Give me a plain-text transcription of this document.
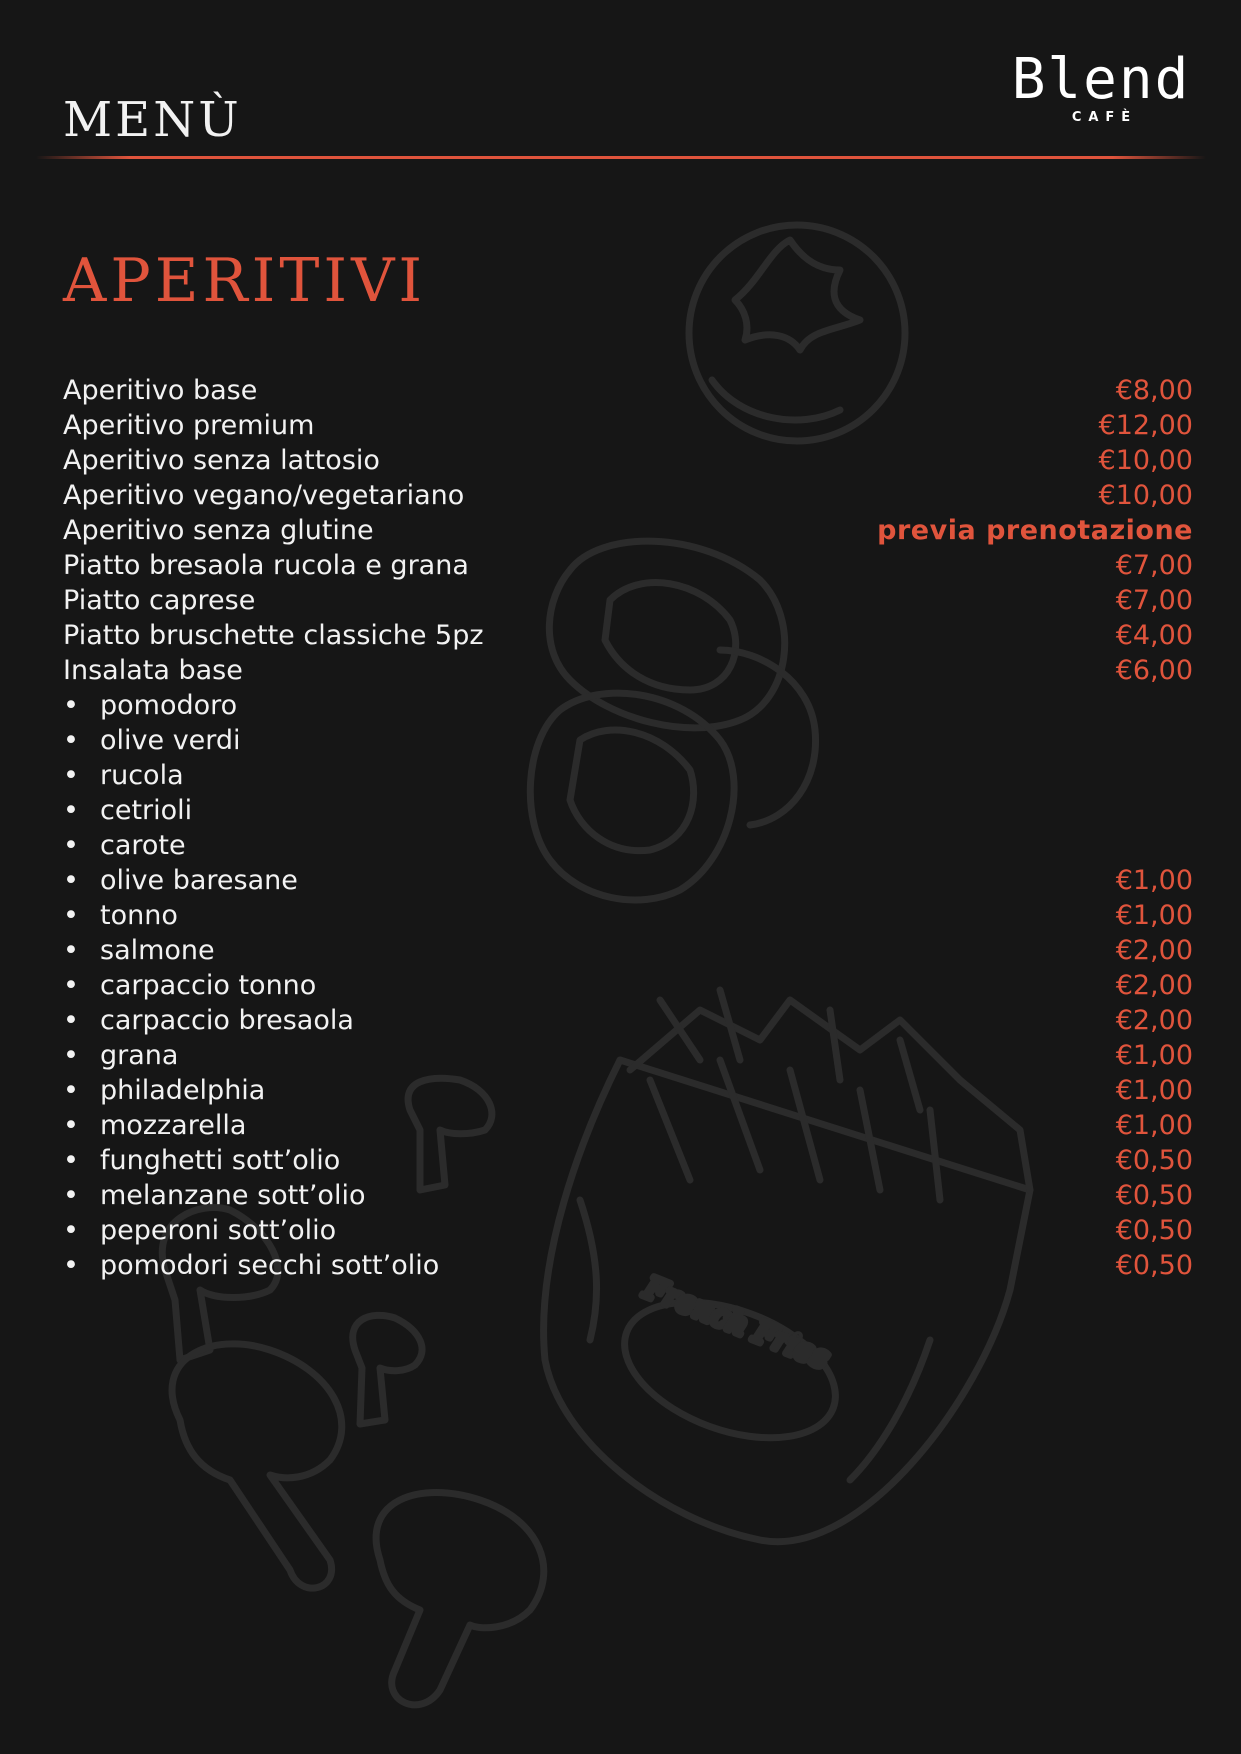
French Fries
MENÙ
Blend
CAFÈ
APERITIVI
Aperitivo base	€8,00
Aperitivo premium	€12,00
Aperitivo senza lattosio	€10,00
Aperitivo vegano/vegetariano	€10,00
Aperitivo senza glutine	previa prenotazione
Piatto bresaola rucola e grana	€7,00
Piatto caprese	€7,00
Piatto bruschette classiche 5pz	€4,00
Insalata base	€6,00
• pomodoro
• olive verdi
• rucola
• cetrioli
• carote
• olive baresane	€1,00
• tonno	€1,00
• salmone	€2,00
• carpaccio tonno	€2,00
• carpaccio bresaola	€2,00
• grana	€1,00
• philadelphia	€1,00
• mozzarella	€1,00
• funghetti sott’olio	€0,50
• melanzane sott’olio	€0,50
• peperoni sott’olio	€0,50
• pomodori secchi sott’olio	€0,50
